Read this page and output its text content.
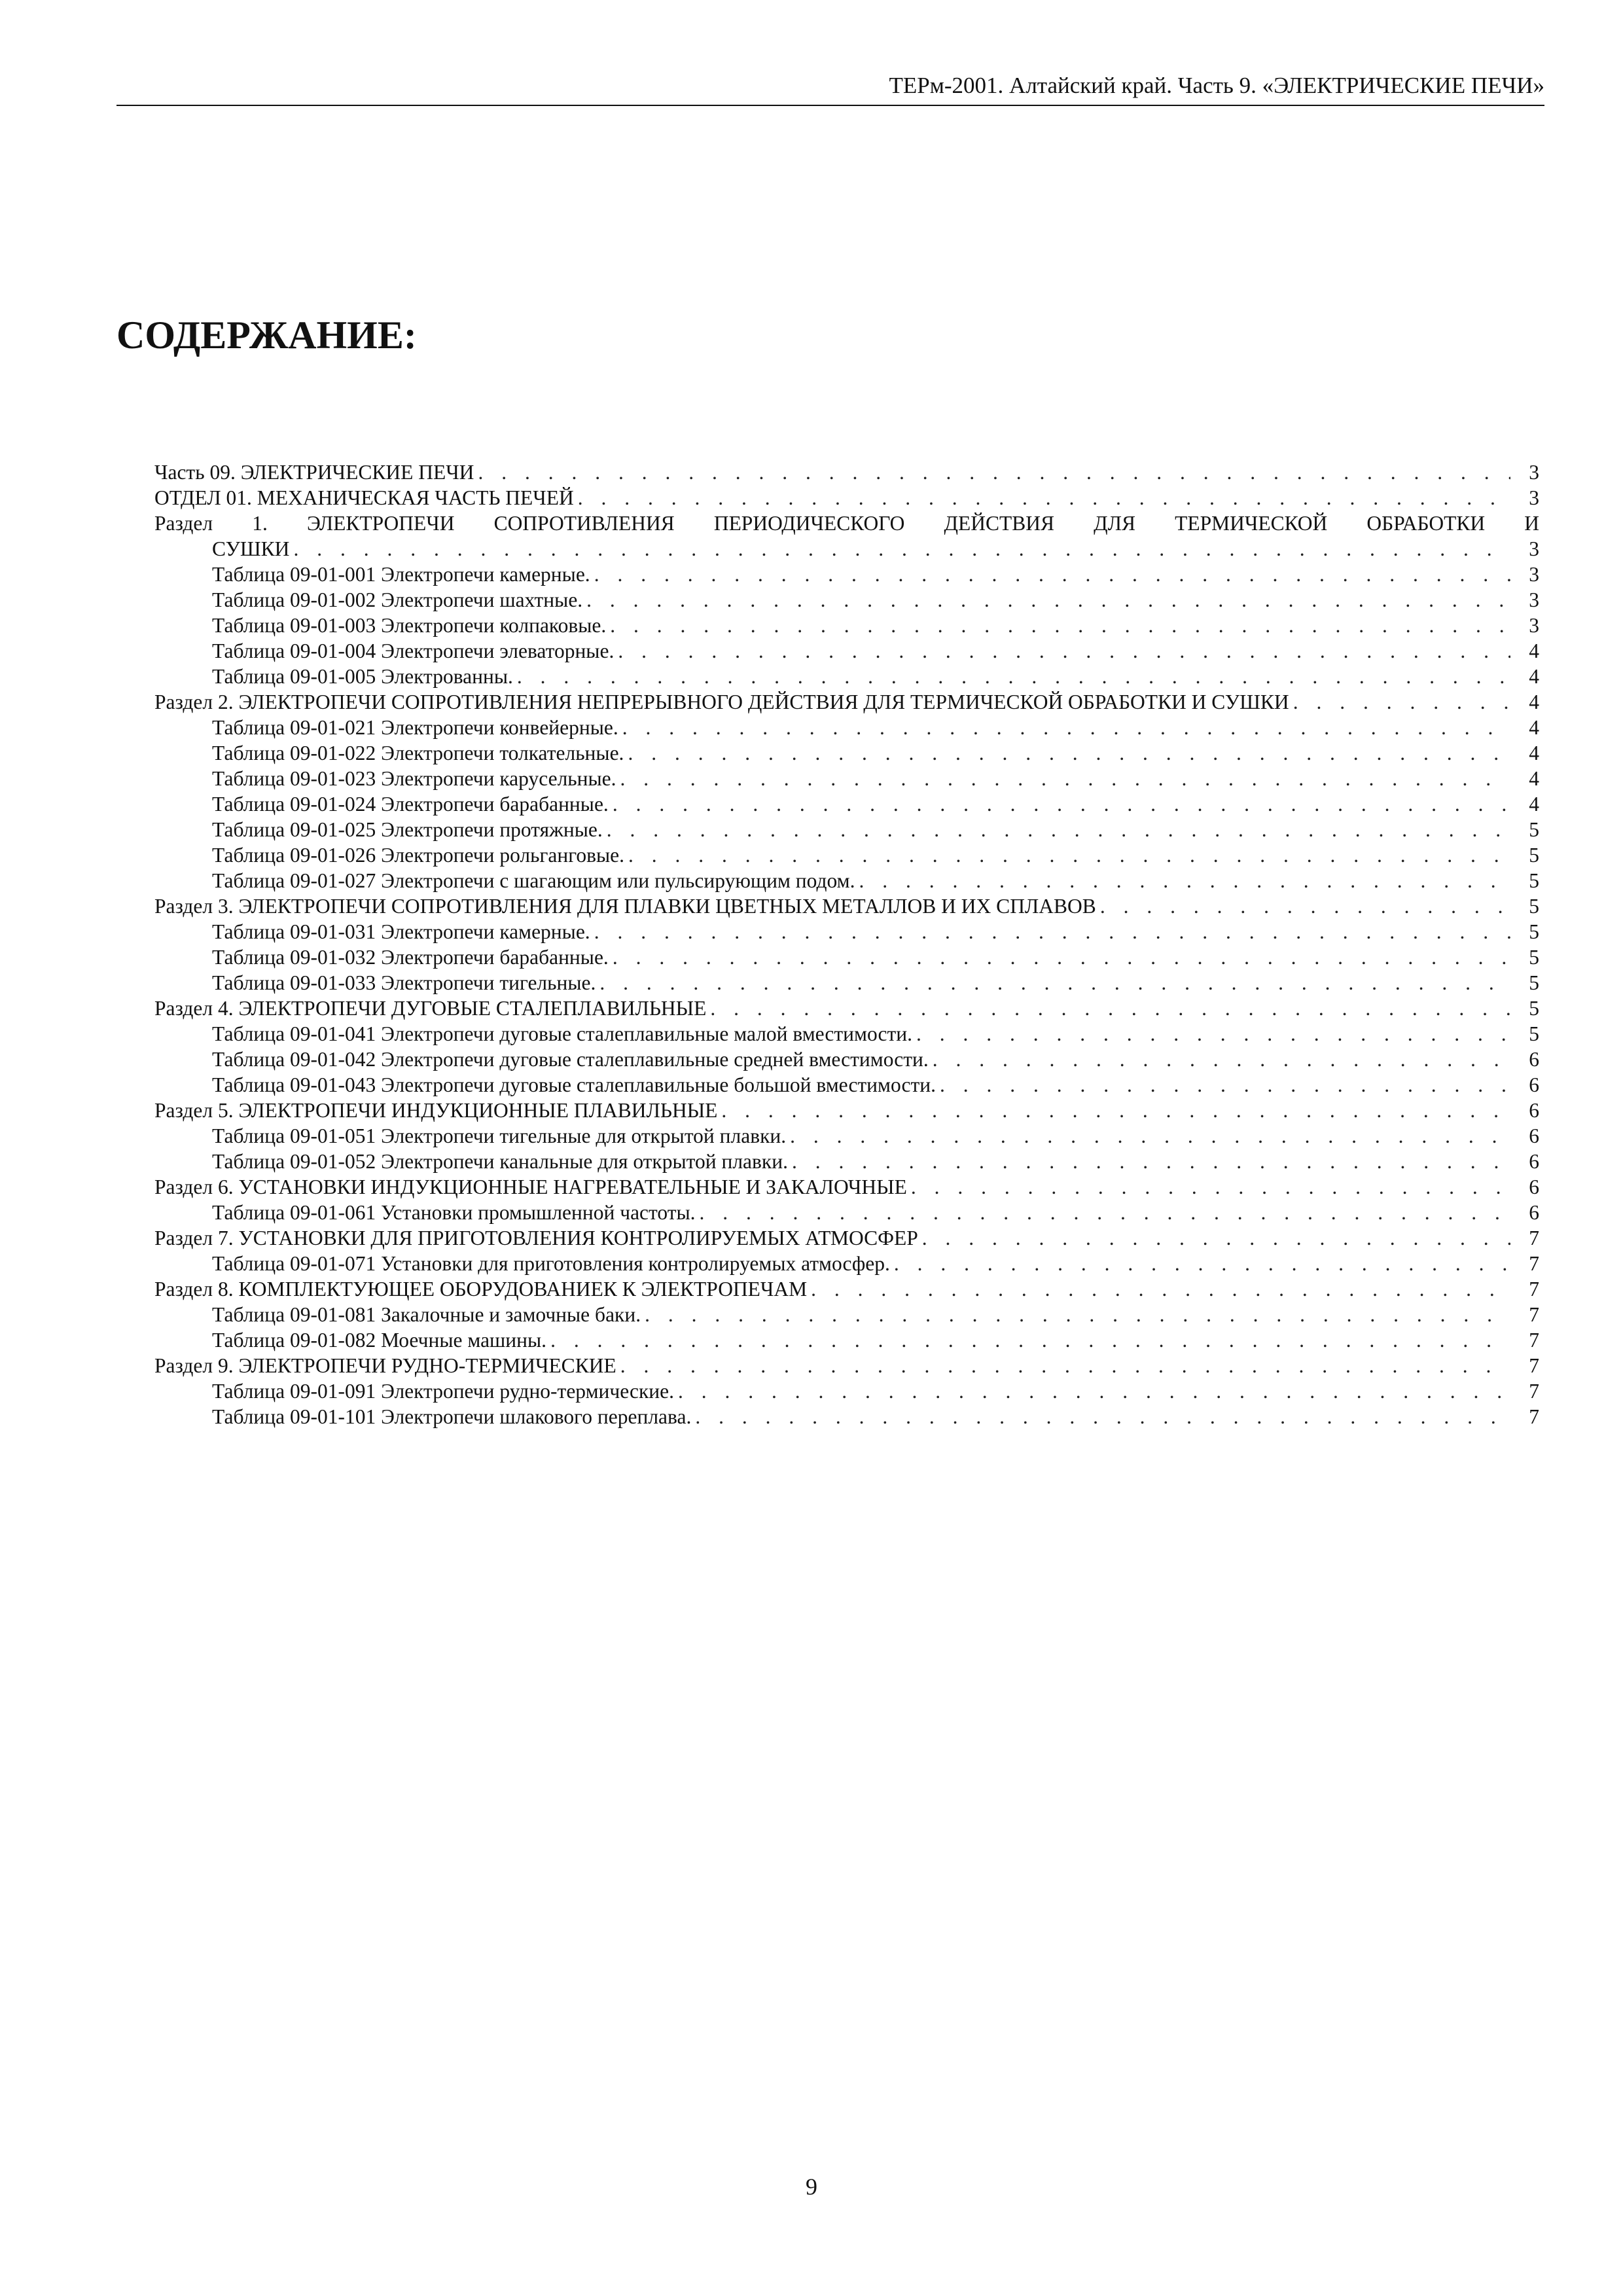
ТЕРм-2001. Алтайский край. Часть 9. «ЭЛЕКТРИЧЕСКИЕ ПЕЧИ»
СОДЕРЖАНИЕ:
Часть 09. ЭЛЕКТРИЧЕСКИЕ ПЕЧИ . . .	3
ОТДЕЛ 01. МЕХАНИЧЕСКАЯ ЧАСТЬ ПЕЧЕЙ . . .	3
Раздел 1. ЭЛЕКТРОПЕЧИ СОПРОТИВЛЕНИЯ ПЕРИОДИЧЕСКОГО ДЕЙСТВИЯ ДЛЯ ТЕРМИЧЕСКОЙ ОБРАБОТКИ И
СУШКИ . . .	3
Таблица 09-01-001 Электропечи камерные. . . .	3
Таблица 09-01-002 Электропечи шахтные. . . .	3
Таблица 09-01-003 Электропечи колпаковые. . . .	3
Таблица 09-01-004 Электропечи элеваторные. . . .	4
Таблица 09-01-005 Электрованны. . . .	4
Раздел 2. ЭЛЕКТРОПЕЧИ СОПРОТИВЛЕНИЯ НЕПРЕРЫВНОГО ДЕЙСТВИЯ ДЛЯ ТЕРМИЧЕСКОЙ ОБРАБОТКИ И СУШКИ . . .	4
Таблица 09-01-021 Электропечи конвейерные. . . .	4
Таблица 09-01-022 Электропечи толкательные. . . .	4
Таблица 09-01-023 Электропечи карусельные. . . .	4
Таблица 09-01-024 Электропечи барабанные. . . .	4
Таблица 09-01-025 Электропечи протяжные. . . .	5
Таблица 09-01-026 Электропечи рольганговые. . . .	5
Таблица 09-01-027 Электропечи с шагающим или пульсирующим подом. . . .	5
Раздел 3. ЭЛЕКТРОПЕЧИ СОПРОТИВЛЕНИЯ ДЛЯ ПЛАВКИ ЦВЕТНЫХ МЕТАЛЛОВ И ИХ СПЛАВОВ . . .	5
Таблица 09-01-031 Электропечи камерные. . . .	5
Таблица 09-01-032 Электропечи барабанные. . . .	5
Таблица 09-01-033 Электропечи тигельные. . . .	5
Раздел 4. ЭЛЕКТРОПЕЧИ ДУГОВЫЕ СТАЛЕПЛАВИЛЬНЫЕ . . .	5
Таблица 09-01-041 Электропечи дуговые сталеплавильные малой вместимости. . . .	5
Таблица 09-01-042 Электропечи дуговые сталеплавильные средней вместимости. . . .	6
Таблица 09-01-043 Электропечи дуговые сталеплавильные большой вместимости. . . .	6
Раздел 5. ЭЛЕКТРОПЕЧИ ИНДУКЦИОННЫЕ ПЛАВИЛЬНЫЕ . . .	6
Таблица 09-01-051 Электропечи тигельные для открытой плавки. . . .	6
Таблица 09-01-052 Электропечи канальные для открытой плавки. . . .	6
Раздел 6. УСТАНОВКИ ИНДУКЦИОННЫЕ НАГРЕВАТЕЛЬНЫЕ И ЗАКАЛОЧНЫЕ . . .	6
Таблица 09-01-061 Установки промышленной частоты. . . .	6
Раздел 7. УСТАНОВКИ ДЛЯ ПРИГОТОВЛЕНИЯ КОНТРОЛИРУЕМЫХ АТМОСФЕР . . .	7
Таблица 09-01-071 Установки для приготовления контролируемых атмосфер. . . .	7
Раздел 8. КОМПЛЕКТУЮЩЕЕ ОБОРУДОВАНИЕК К ЭЛЕКТРОПЕЧАМ . . .	7
Таблица 09-01-081 Закалочные и замочные баки. . . .	7
Таблица 09-01-082 Моечные машины. . . .	7
Раздел 9. ЭЛЕКТРОПЕЧИ РУДНО-ТЕРМИЧЕСКИЕ . . .	7
Таблица 09-01-091 Электропечи рудно-термические. . . .	7
Таблица 09-01-101 Электропечи шлакового переплава. . . .	7
9
